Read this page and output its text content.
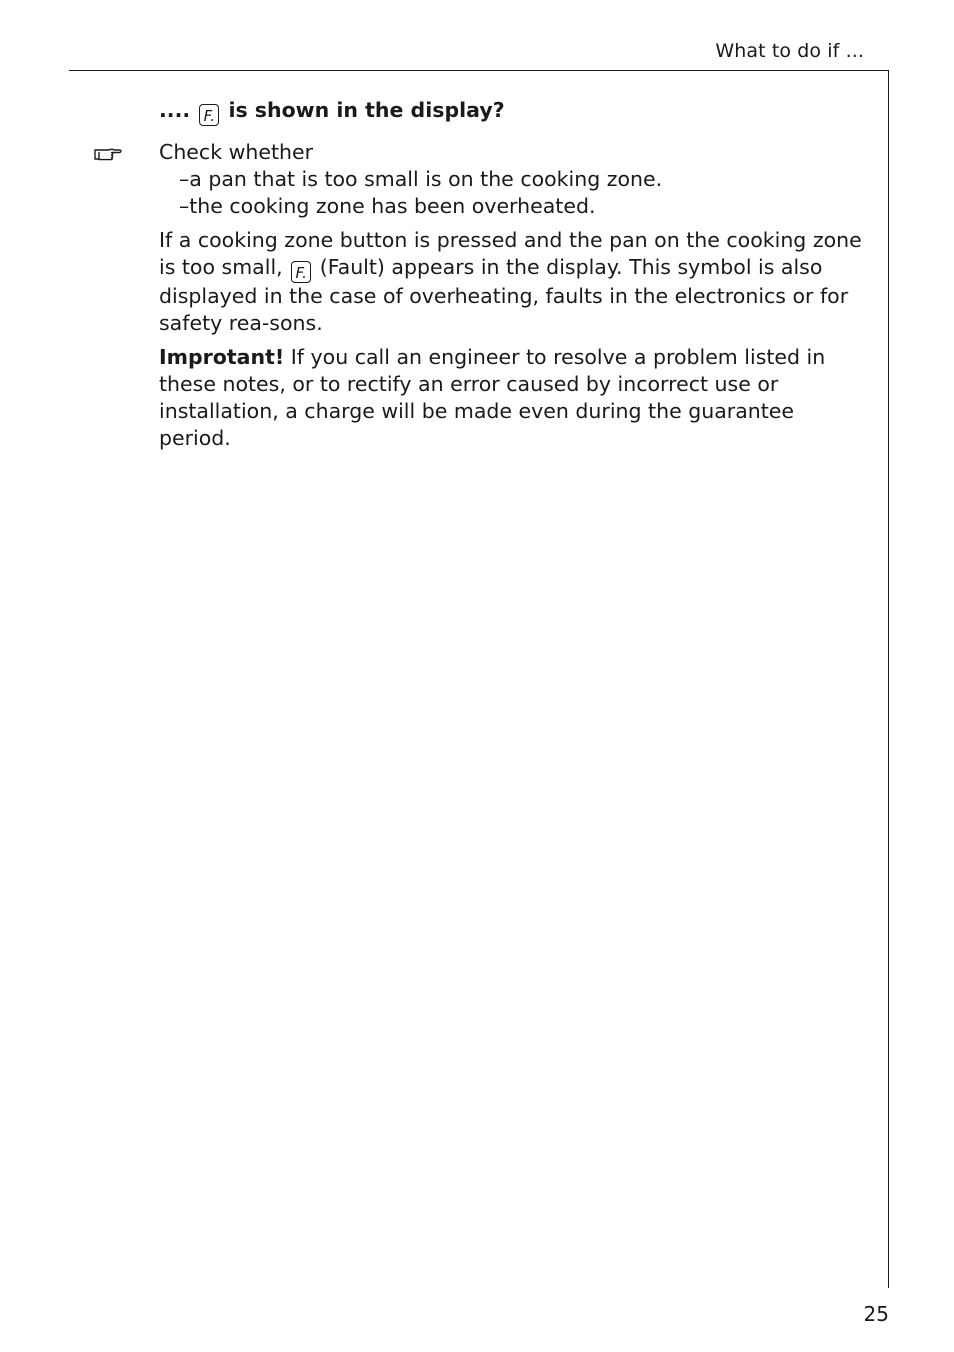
What to do if ...
.... F. is shown in the display?
Check whether
–a pan that is too small is on the cooking zone.
–the cooking zone has been overheated.

If a cooking zone button is pressed and the pan on the cooking zone is too small, F. (Fault) appears in the display. This symbol is also displayed in the case of overheating, faults in the electronics or for safety rea-sons.

Improtant! If you call an engineer to resolve a problem listed in these notes, or to rectify an error caused by incorrect use or installation, a charge will be made even during the guarantee period.

25
